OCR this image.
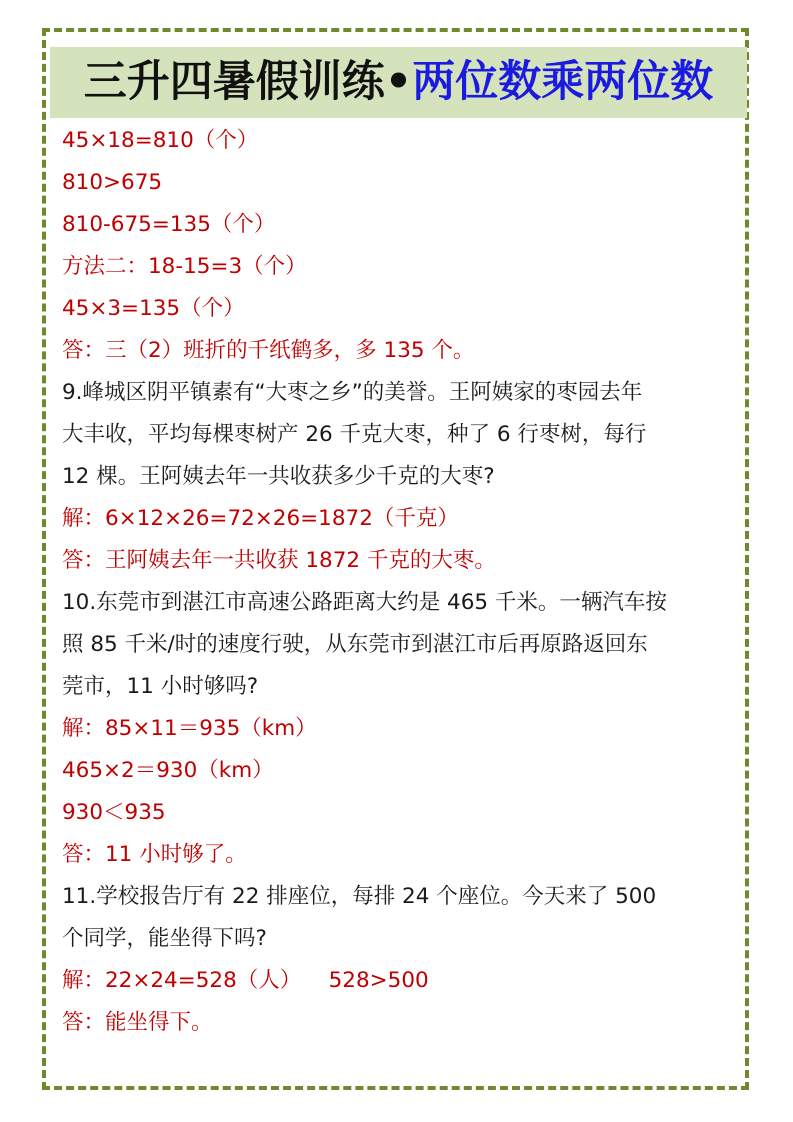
三升四暑假训练• 两位数乘两位数
45×18=810（个）
810>675
810-675=135（个）
方法二：18-15=3（个）
45×3=135（个）
答：三（2）班折的千纸鹤多，多 135 个。
9.峰城区阴平镇素有“大枣之乡”的美誉。王阿姨家的枣园去年
大丰收，平均每棵枣树产 26 千克大枣，种了 6 行枣树，每行
12 棵。王阿姨去年一共收获多少千克的大枣?
解：6×12×26=72×26=1872（千克）
答：王阿姨去年一共收获 1872 千克的大枣。
10.东莞市到湛江市高速公路距离大约是 465 千米。一辆汽车按
照 85 千米/时的速度行驶，从东莞市到湛江市后再原路返回东
莞市，11 小时够吗?
解：85×11＝935（km）
465×2＝930（km）
930＜935
答：11 小时够了。
11.学校报告厅有 22 排座位，每排 24 个座位。今天来了 500
个同学，能坐得下吗?
解：22×24=528（人）    528>500
答：能坐得下。
